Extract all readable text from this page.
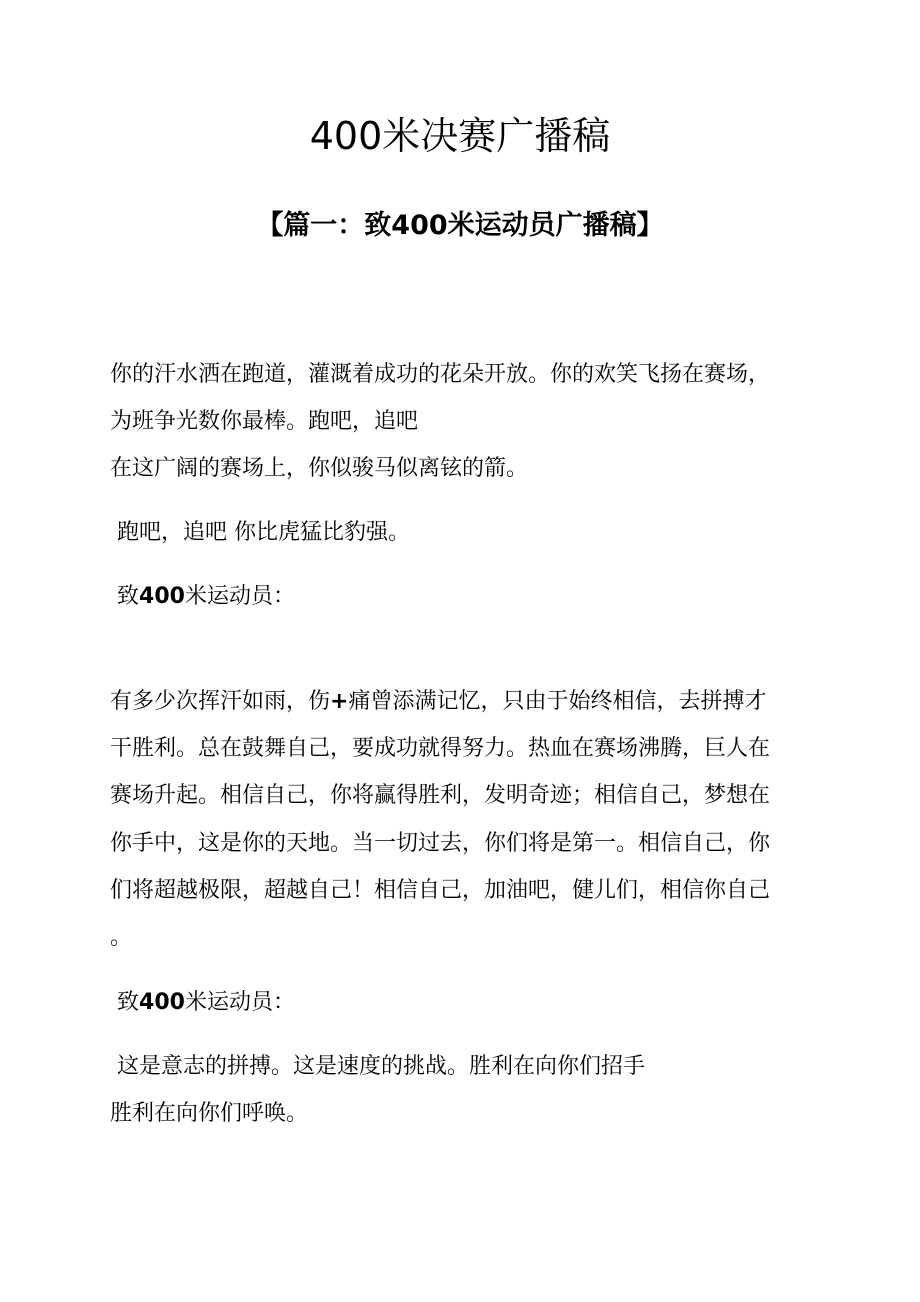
400米决赛广播稿
【篇一：致400米运动员广播稿】

你的汗水洒在跑道，灌溉着成功的花朵开放。你的欢笑飞扬在赛场，

为班争光数你最棒。跑吧，追吧

在这广阔的赛场上，你似骏马似离铉的箭。

跑吧，追吧 你比虎猛比豹强。

致400米运动员：

有多少次挥汗如雨，伤+痛曾添满记忆，只由于始终相信，去拼搏才

干胜利。总在鼓舞自己，要成功就得努力。热血在赛场沸腾，巨人在

赛场升起。相信自己，你将赢得胜利，发明奇迹；相信自己，梦想在

你手中，这是你的天地。当一切过去，你们将是第一。相信自己，你

们将超越极限，超越自己！相信自己，加油吧，健儿们，相信你自己

。

致400米运动员：

这是意志的拼搏。这是速度的挑战。胜利在向你们招手

胜利在向你们呼唤。
